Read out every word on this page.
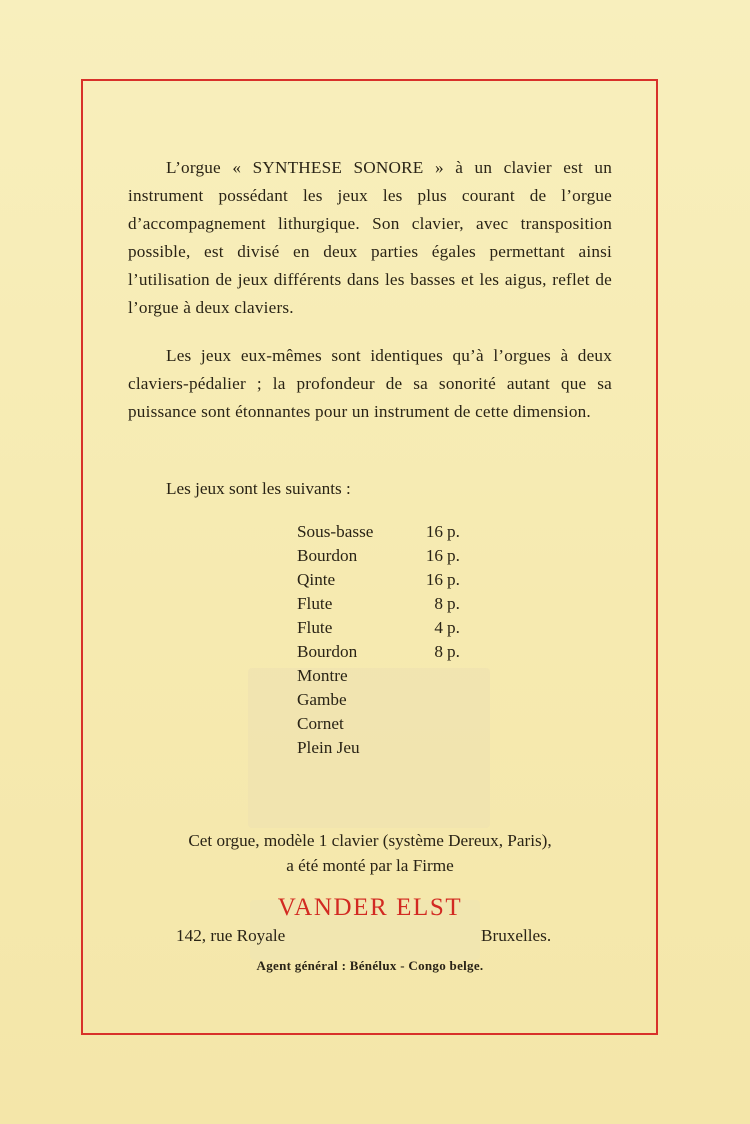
L’orgue « SYNTHESE SONORE » à un clavier est un instrument possédant les jeux les plus courant de l’orgue d’accompagnement lithurgique. Son clavier, avec transposition possible, est divisé en deux parties égales permettant ainsi l’utilisation de jeux différents dans les basses et les aigus, reflet de l’orgue à deux claviers.
Les jeux eux-mêmes sont identiques qu’à l’orgues à deux claviers-pédalier ; la profondeur de sa sonorité autant que sa puissance sont étonnantes pour un instrument de cette dimension.
Les jeux sont les suivants :
Sous-basse	16 p.
Bourdon	16 p.
Qinte	16 p.
Flute	8 p.
Flute	4 p.
Bourdon	8 p.
Montre
Gambe
Cornet
Plein Jeu
Cet orgue, modèle 1 clavier (système Dereux, Paris),
a été monté par la Firme
VANDER ELST
142, rue Royale	Bruxelles.
Agent général : Bénélux - Congo belge.
